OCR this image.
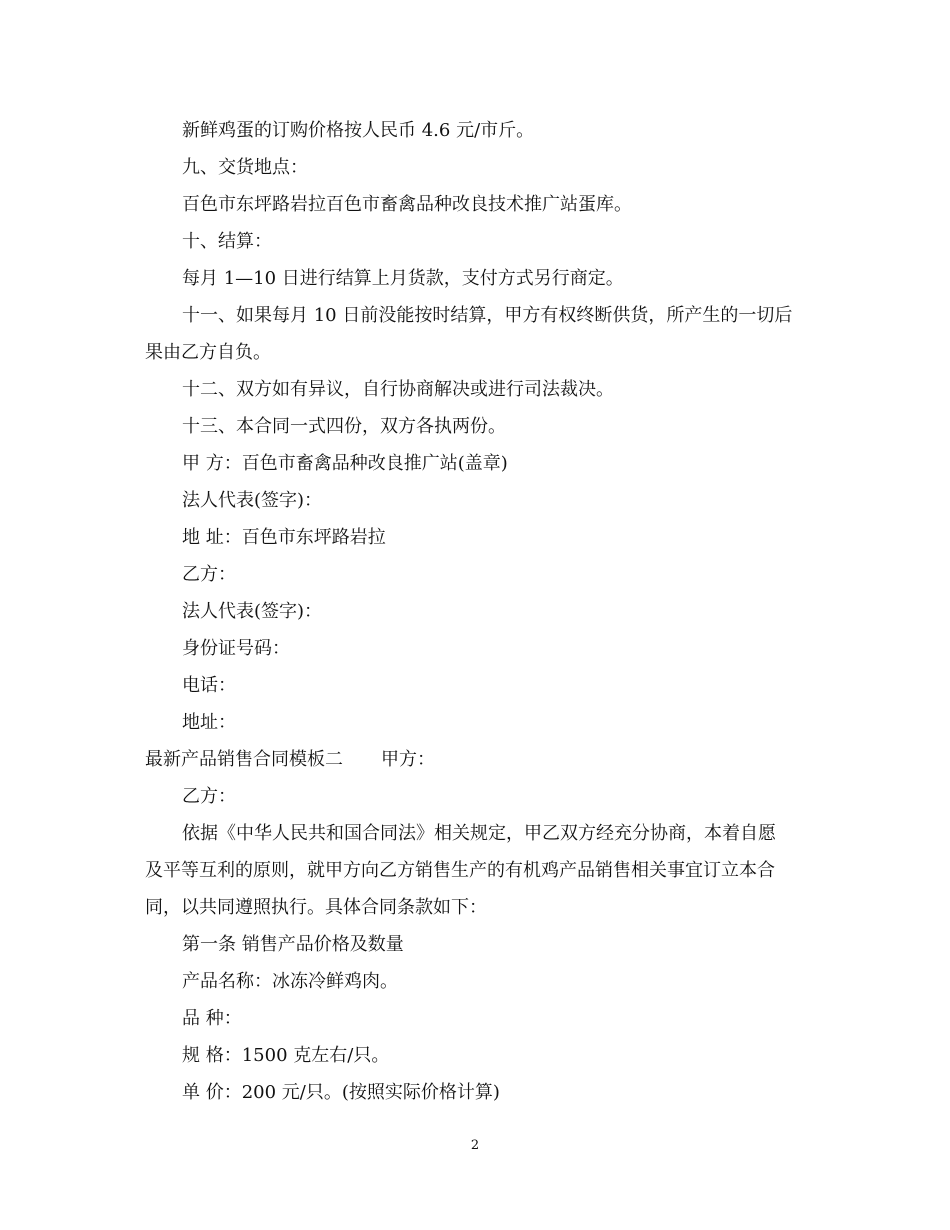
新鲜鸡蛋的订购价格按人民币 4.6 元/市斤。
九、交货地点：
百色市东坪路岩拉百色市畜禽品种改良技术推广站蛋库。
十、结算：
每月 1—10 日进行结算上月货款，支付方式另行商定。
十一、如果每月 10 日前没能按时结算，甲方有权终断供货，所产生的一切后
果由乙方自负。
十二、双方如有异议，自行协商解决或进行司法裁决。
十三、本合同一式四份，双方各执两份。
甲 方：百色市畜禽品种改良推广站(盖章)
法人代表(签字)：
地 址：百色市东坪路岩拉
乙方：
法人代表(签字)：
身份证号码：
电话：
地址：
最新产品销售合同模板二 甲方：
乙方：
依据《中华人民共和国合同法》相关规定，甲乙双方经充分协商，本着自愿
及平等互利的原则，就甲方向乙方销售生产的有机鸡产品销售相关事宜订立本合
同，以共同遵照执行。具体合同条款如下：
第一条 销售产品价格及数量
产品名称：冰冻冷鲜鸡肉。
品 种：
规 格：1500 克左右/只。
单 价：200 元/只。(按照实际价格计算)
2
